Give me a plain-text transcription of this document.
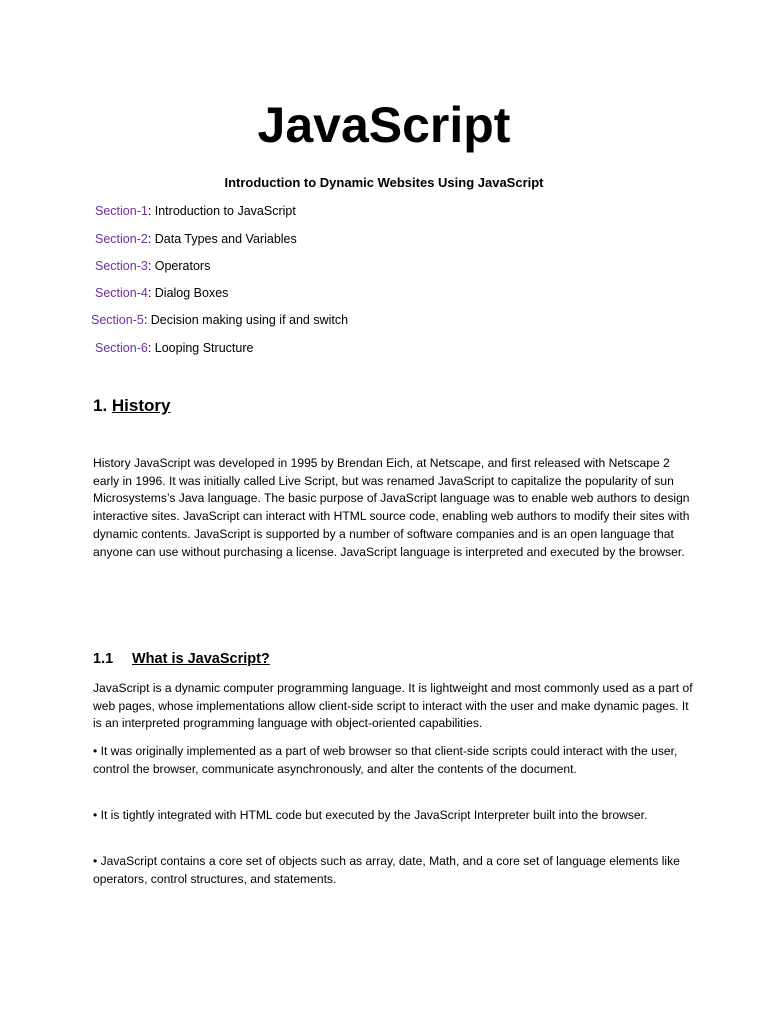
JavaScript

Introduction to Dynamic Websites Using JavaScript

Section-1: Introduction to JavaScript
Section-2: Data Types and Variables
Section-3: Operators
Section-4: Dialog Boxes
Section-5: Decision making using if and switch
Section-6: Looping Structure
1. History

History JavaScript was developed in 1995 by Brendan Eich, at Netscape, and first released with Netscape 2 early in 1996. It was initially called Live Script, but was renamed JavaScript to capitalize the popularity of sun Microsystems’s Java language. The basic purpose of JavaScript language was to enable web authors to design interactive sites. JavaScript can interact with HTML source code, enabling web authors to modify their sites with dynamic contents. JavaScript is supported by a number of software companies and is an open language that anyone can use without purchasing a license. JavaScript language is interpreted and executed by the browser.

1.1 What is JavaScript?

JavaScript is a dynamic computer programming language. It is lightweight and most commonly used as a part of web pages, whose implementations allow client-side script to interact with the user and make dynamic pages. It is an interpreted programming language with object-oriented capabilities.

• It was originally implemented as a part of web browser so that client-side scripts could interact with the user, control the browser, communicate asynchronously, and alter the contents of the document.

• It is tightly integrated with HTML code but executed by the JavaScript Interpreter built into the browser.

• JavaScript contains a core set of objects such as array, date, Math, and a core set of language elements like operators, control structures, and statements.
